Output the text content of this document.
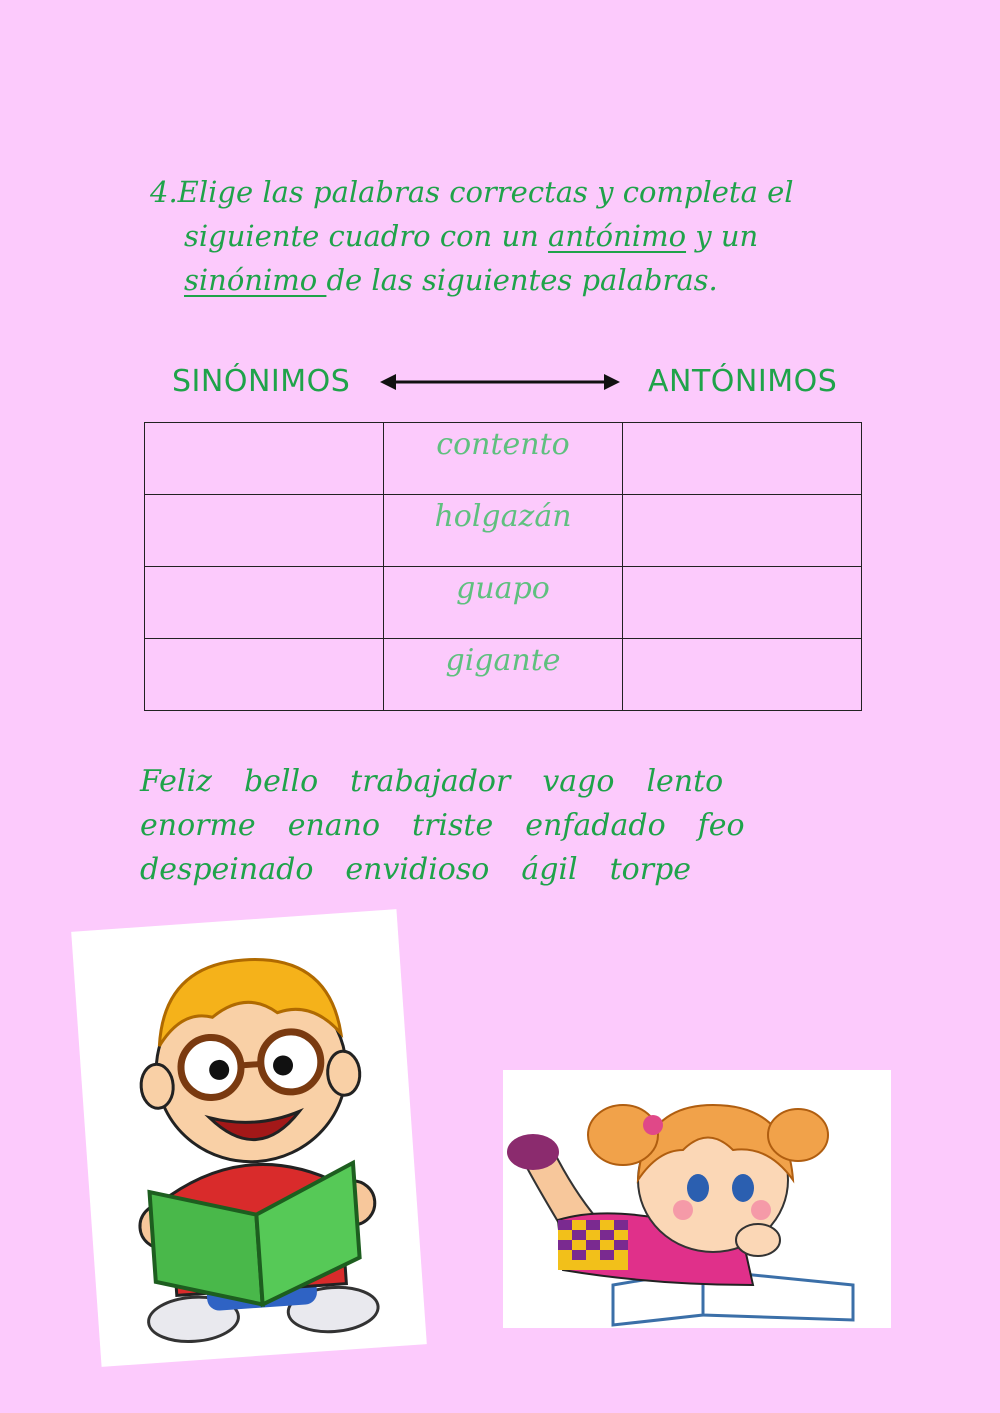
4.Elige las palabras correctas y completa el
siguiente cuadro con un antónimo y un
sinónimo de las siguientes palabras.
SINÓNIMOS	ANTÓNIMOS

	contento	

	holgazán	

	guapo	

	gigante	

Feliz bello trabajador vago lento
enorme enano triste enfadado feo
despeinado envidioso ágil torpe
